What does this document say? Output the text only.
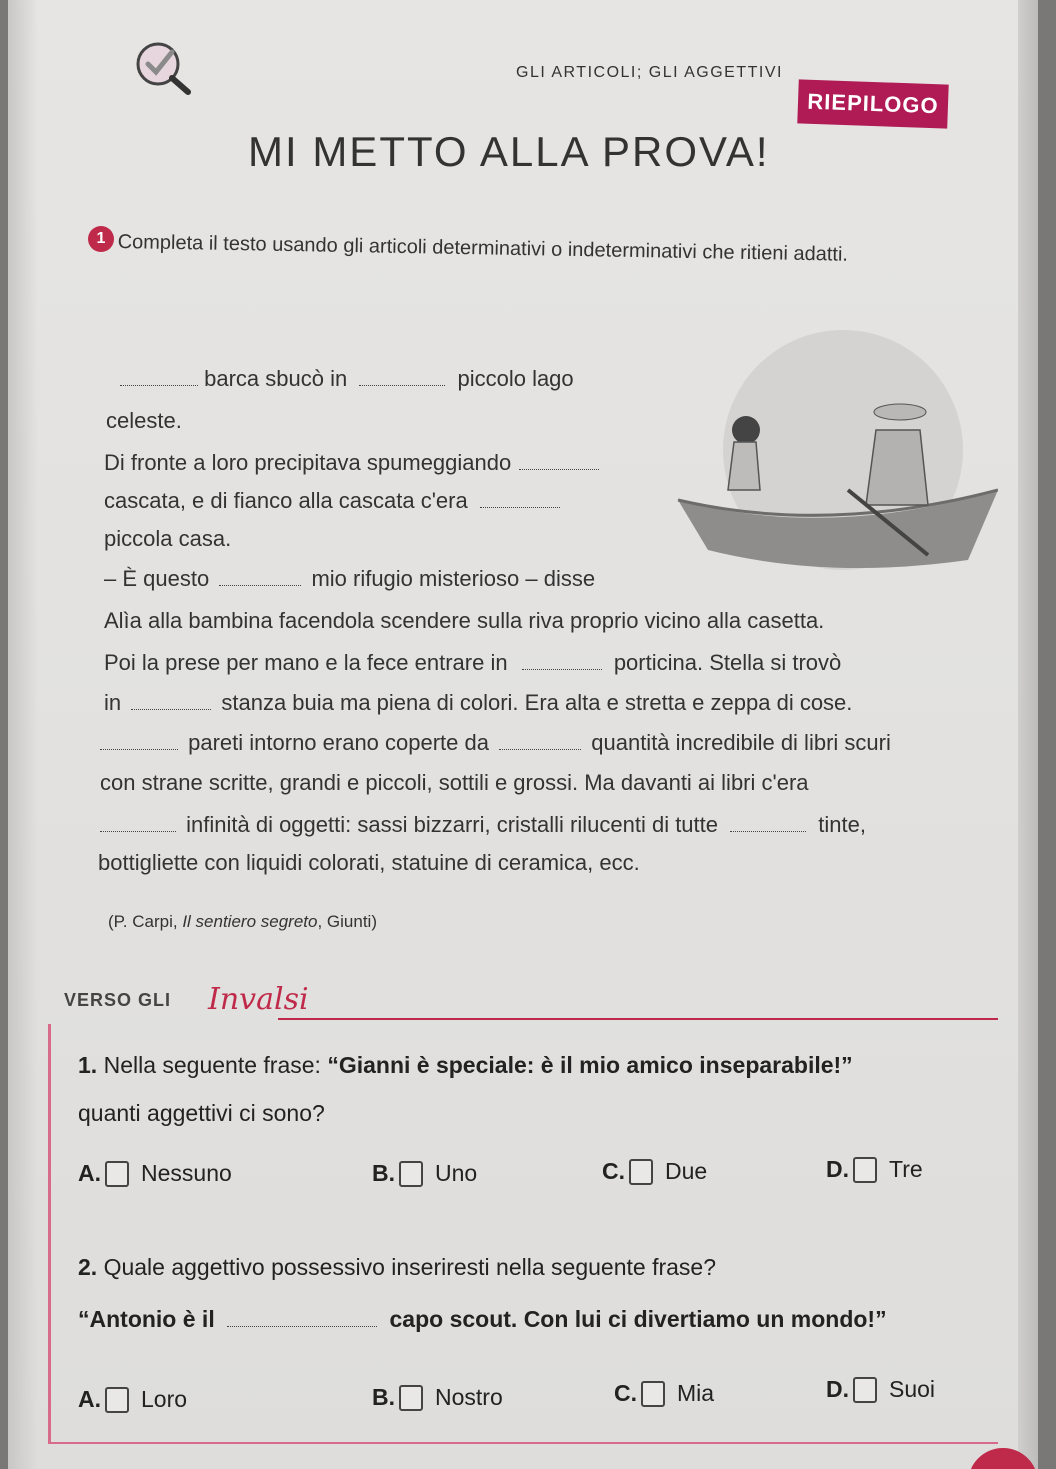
GLI ARTICOLI; GLI AGGETTIVI
RIEPILOGO
MI METTO ALLA PROVA!
1 Completa il testo usando gli articoli determinativi o indeterminativi che ritieni adatti.
barca sbucò in	piccolo lago
celeste.
Di fronte a loro precipitava spumeggiando
cascata, e di fianco alla cascata c'era
piccola casa.
– È questo	mio rifugio misterioso – disse
Alìa alla bambina facendola scendere sulla riva proprio vicino alla casetta.
Poi la prese per mano e la fece entrare in	porticina. Stella si trovò
in	stanza buia ma piena di colori. Era alta e stretta e zeppa di cose.
pareti intorno erano coperte da	quantità incredibile di libri scuri
con strane scritte, grandi e piccoli, sottili e grossi. Ma davanti ai libri c'era
infinità di oggetti: sassi bizzarri, cristalli rilucenti di tutte	tinte,
bottigliette con liquidi colorati, statuine di ceramica, ecc.
(P. Carpi, Il sentiero segreto, Giunti)
VERSO GLI Invalsi
1. Nella seguente frase: “Gianni è speciale: è il mio amico inseparabile!”
quanti aggettivi ci sono?
A. Nessuno	B. Uno	C. Due	D. Tre
2. Quale aggettivo possessivo inseriresti nella seguente frase?
“Antonio è il	capo scout. Con lui ci divertiamo un mondo!”
A. Loro	B. Nostro	C. Mia	D. Suoi
